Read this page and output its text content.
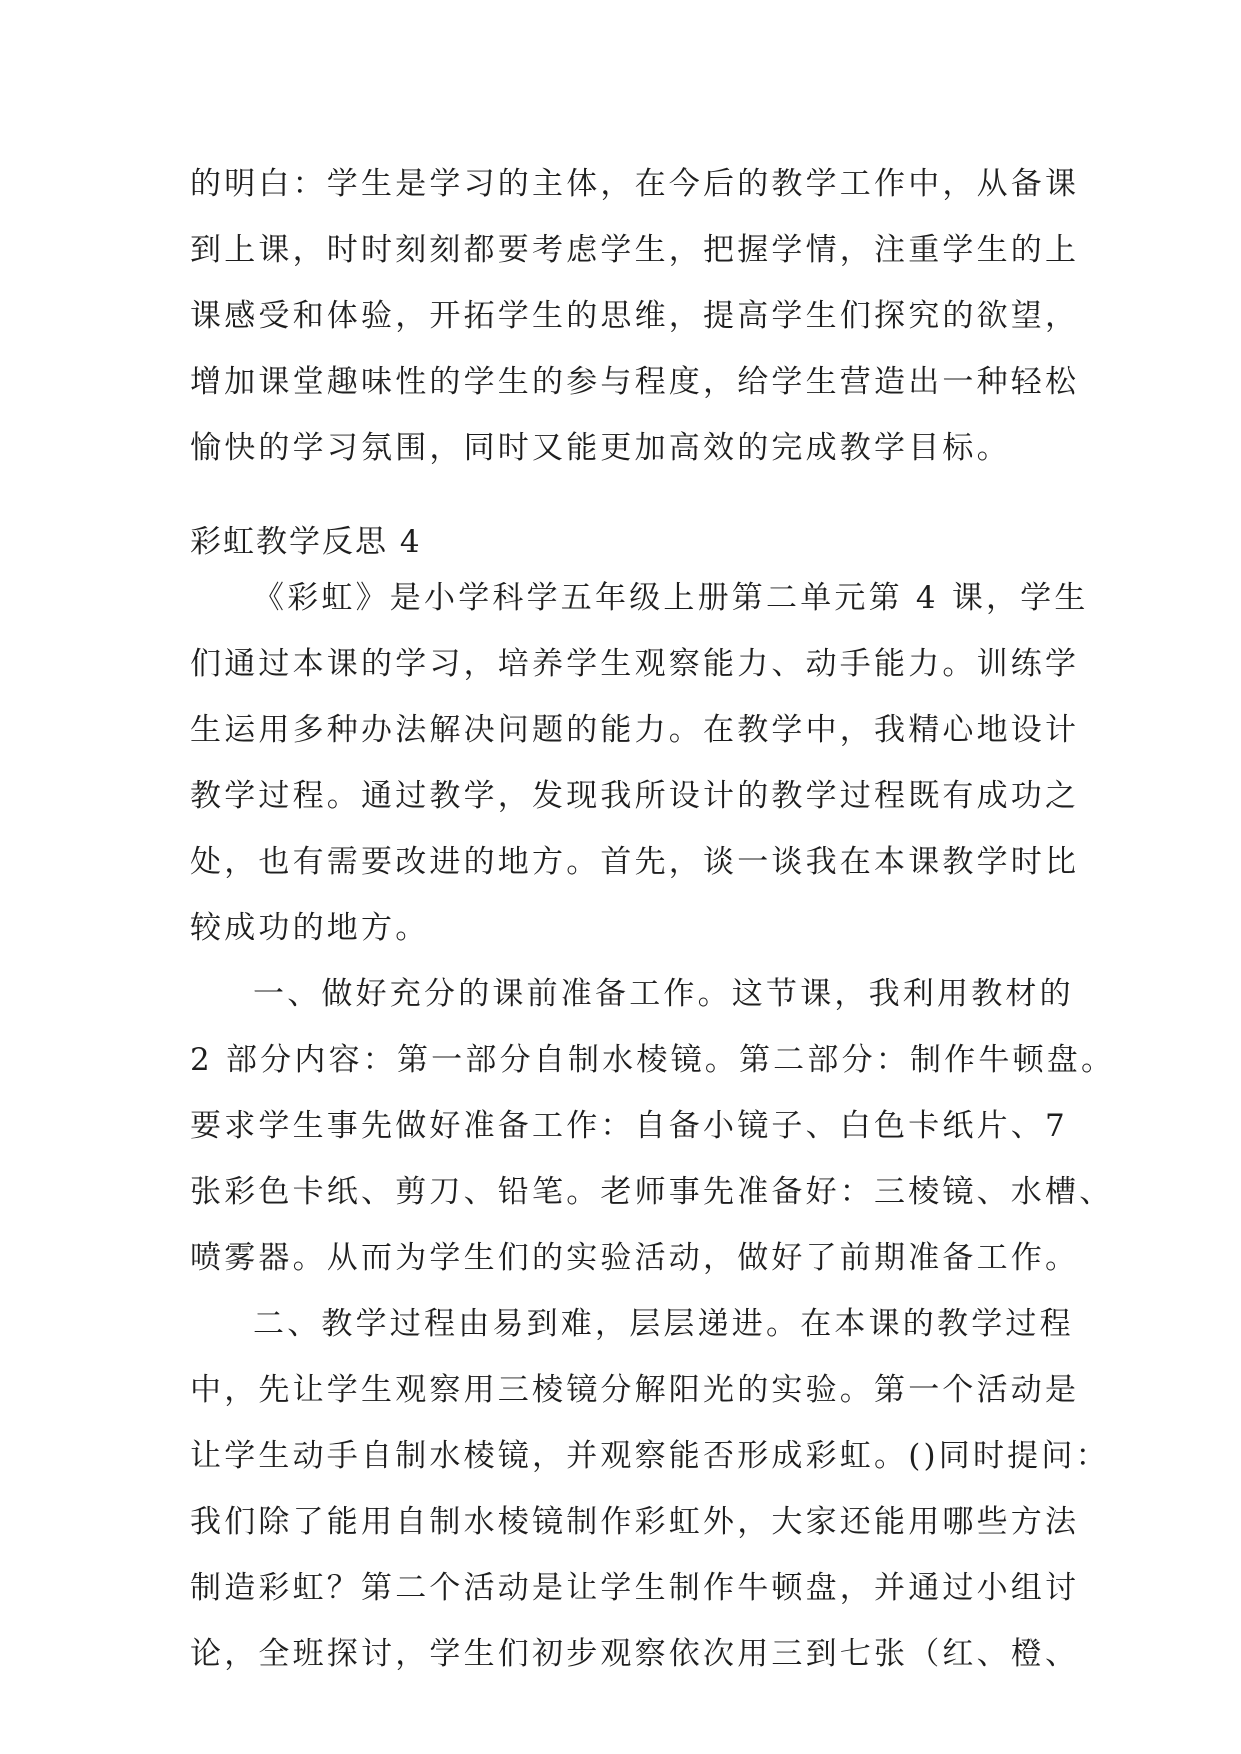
的明白：学生是学习的主体，在今后的教学工作中，从备课
到上课，时时刻刻都要考虑学生，把握学情，注重学生的上
课感受和体验，开拓学生的思维，提高学生们探究的欲望，
增加课堂趣味性的学生的参与程度，给学生营造出一种轻松
愉快的学习氛围，同时又能更加高效的完成教学目标。
彩虹教学反思 4
《彩虹》是小学科学五年级上册第二单元第 4 课，学生
们通过本课的学习，培养学生观察能力、动手能力。训练学
生运用多种办法解决问题的能力。在教学中，我精心地设计
教学过程。通过教学，发现我所设计的教学过程既有成功之
处，也有需要改进的地方。首先，谈一谈我在本课教学时比
较成功的地方。
一、做好充分的课前准备工作。这节课，我利用教材的
2 部分内容：第一部分自制水棱镜。第二部分：制作牛顿盘。
要求学生事先做好准备工作：自备小镜子、白色卡纸片、7
张彩色卡纸、剪刀、铅笔。老师事先准备好：三棱镜、水槽、
喷雾器。从而为学生们的实验活动，做好了前期准备工作。
二、教学过程由易到难，层层递进。在本课的教学过程
中，先让学生观察用三棱镜分解阳光的实验。第一个活动是
让学生动手自制水棱镜，并观察能否形成彩虹。()同时提问：
我们除了能用自制水棱镜制作彩虹外，大家还能用哪些方法
制造彩虹？第二个活动是让学生制作牛顿盘，并通过小组讨
论，全班探讨，学生们初步观察依次用三到七张（红、橙、
